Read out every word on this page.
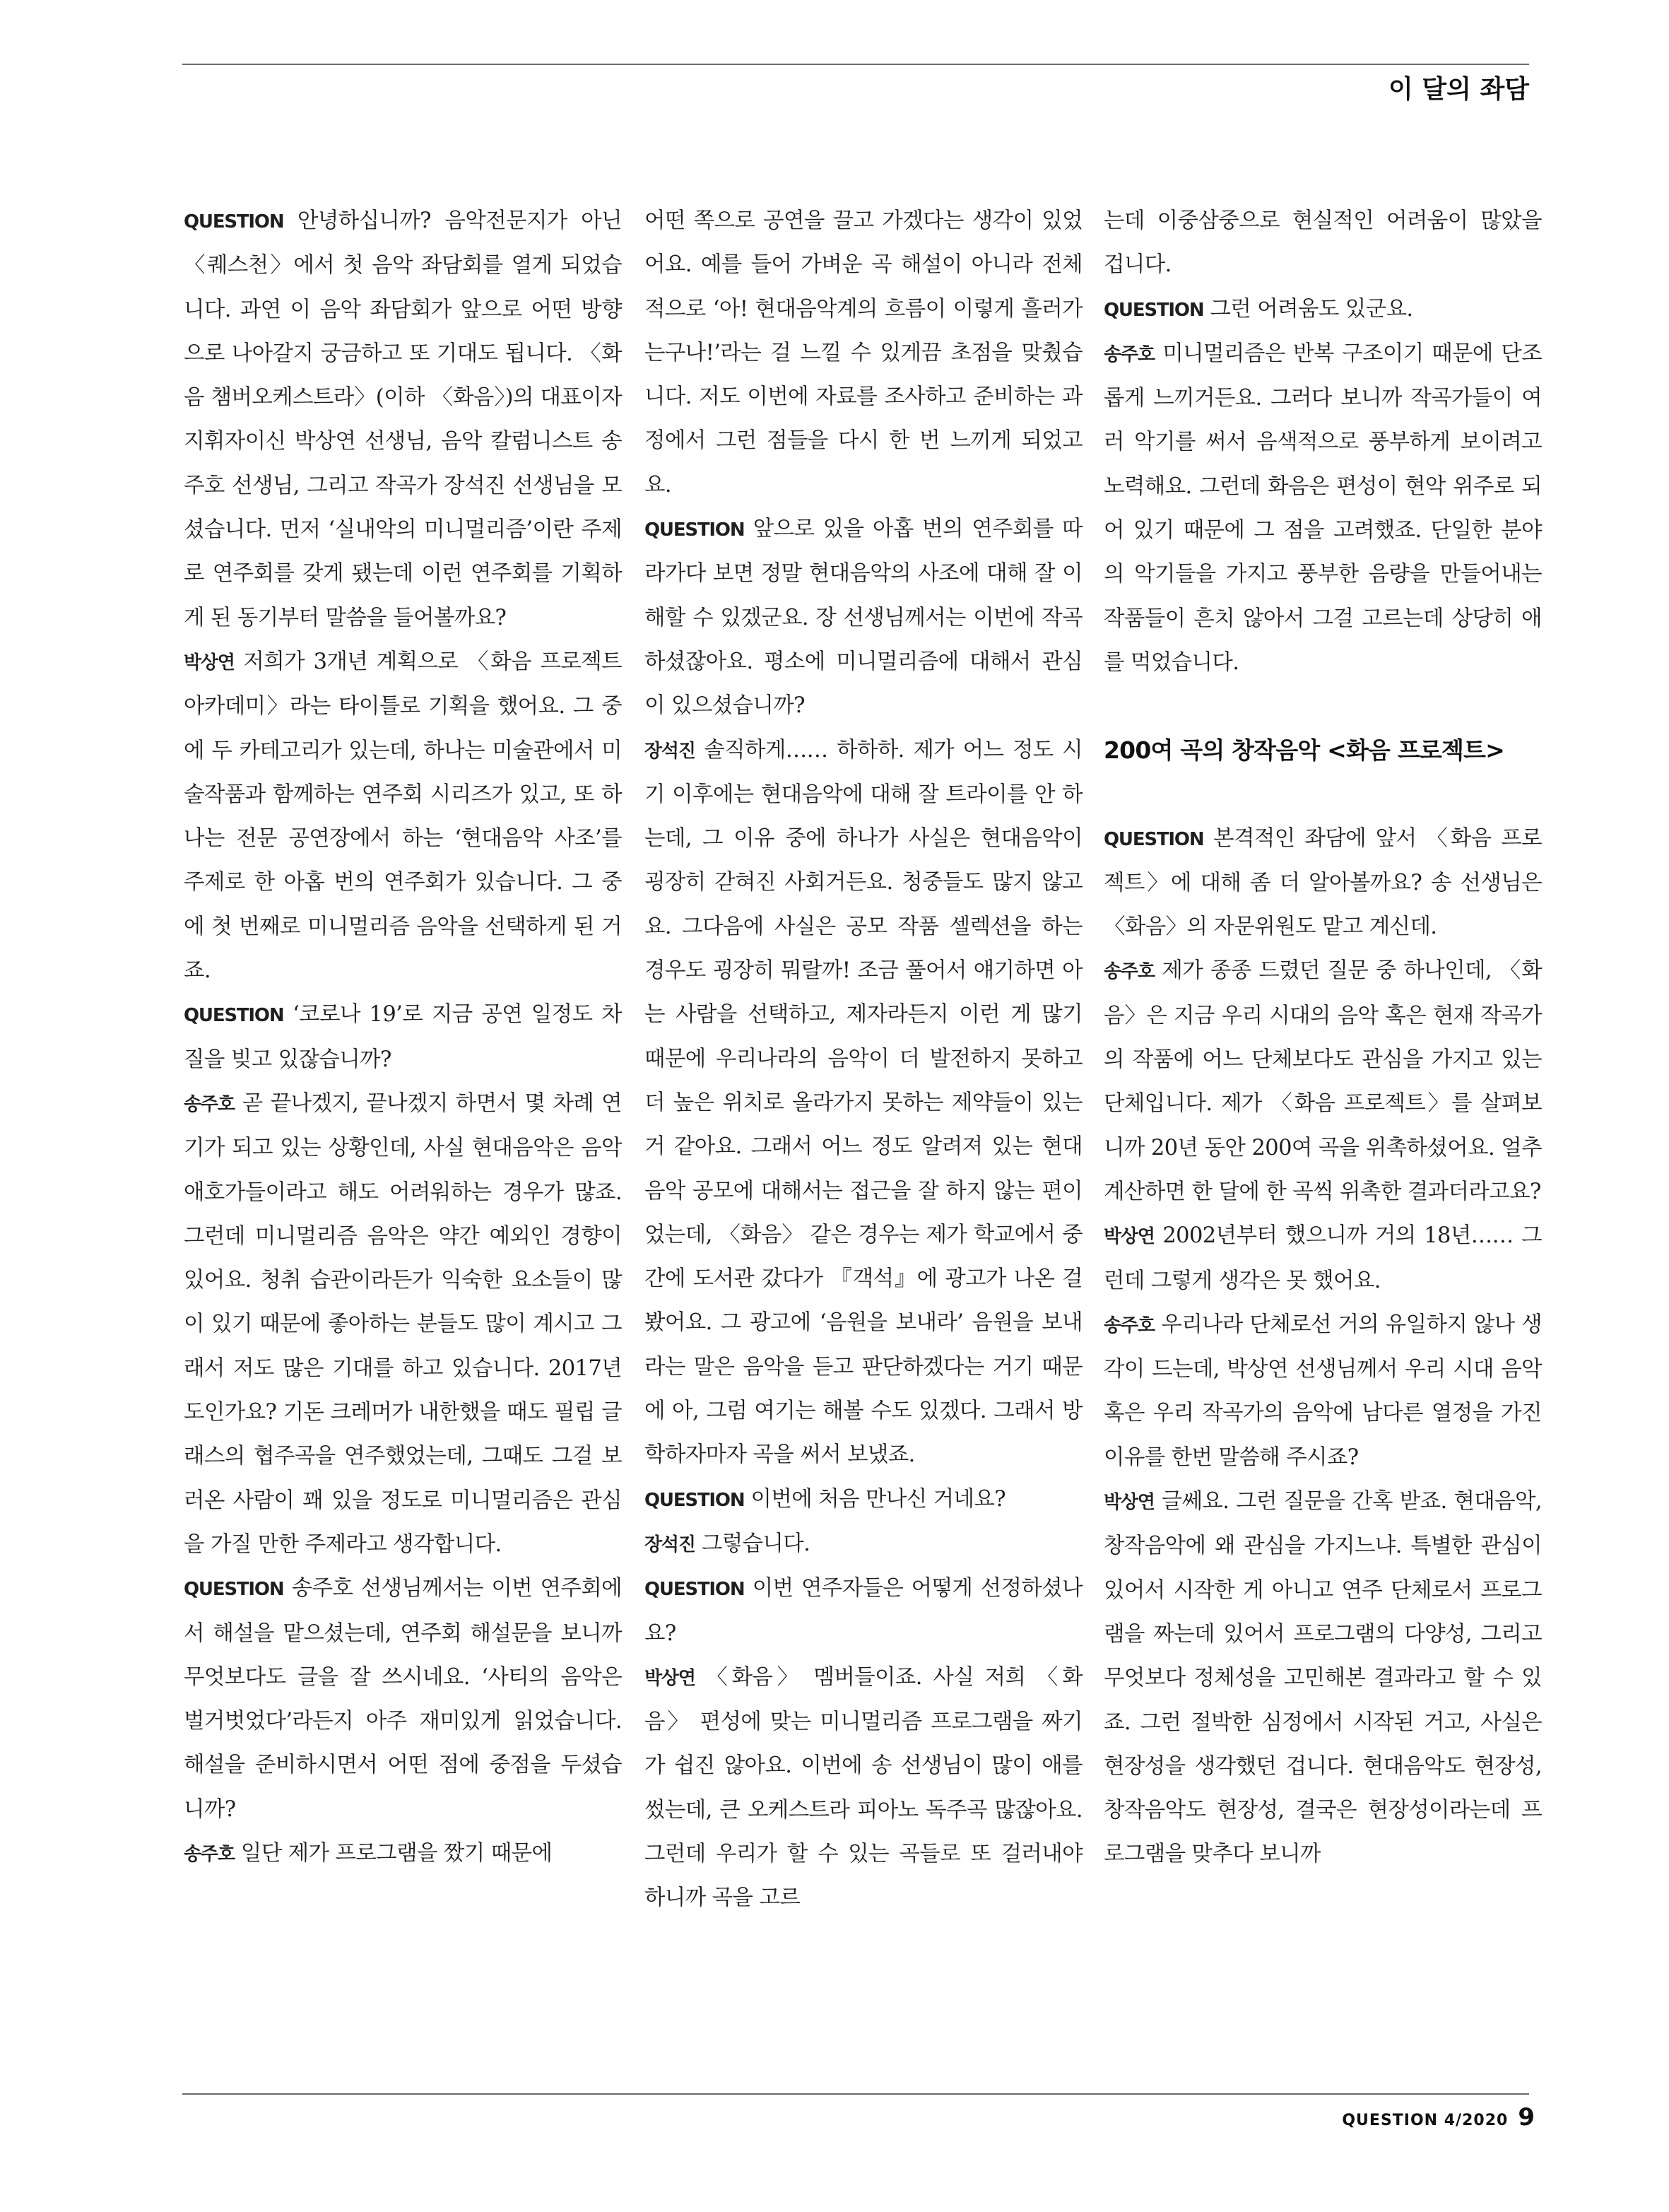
이 달의 좌담

QUESTION 안녕하십니까? 음악전문지가 아닌 〈퀘스천〉에서 첫 음악 좌담회를 열게 되었습니다. 과연 이 음악 좌담회가 앞으로 어떤 방향으로 나아갈지 궁금하고 또 기대도 됩니다. 〈화음 챔버오케스트라〉(이하 〈화음〉)의 대표이자 지휘자이신 박상연 선생님, 음악 칼럼니스트 송주호 선생님, 그리고 작곡가 장석진 선생님을 모셨습니다. 먼저 ‘실내악의 미니멀리즘’이란 주제로 연주회를 갖게 됐는데 이런 연주회를 기획하게 된 동기부터 말씀을 들어볼까요?

박상연 저희가 3개년 계획으로 〈화음 프로젝트 아카데미〉라는 타이틀로 기획을 했어요. 그 중에 두 카테고리가 있는데, 하나는 미술관에서 미술작품과 함께하는 연주회 시리즈가 있고, 또 하나는 전문 공연장에서 하는 ‘현대음악 사조’를 주제로 한 아홉 번의 연주회가 있습니다. 그 중에 첫 번째로 미니멀리즘 음악을 선택하게 된 거죠.

QUESTION ‘코로나 19’로 지금 공연 일정도 차질을 빚고 있잖습니까?

송주호 곧 끝나겠지, 끝나겠지 하면서 몇 차례 연기가 되고 있는 상황인데, 사실 현대음악은 음악애호가들이라고 해도 어려워하는 경우가 많죠. 그런데 미니멀리즘 음악은 약간 예외인 경향이 있어요. 청취 습관이라든가 익숙한 요소들이 많이 있기 때문에 좋아하는 분들도 많이 계시고 그래서 저도 많은 기대를 하고 있습니다. 2017년도인가요? 기돈 크레머가 내한했을 때도 필립 글래스의 협주곡을 연주했었는데, 그때도 그걸 보러온 사람이 꽤 있을 정도로 미니멀리즘은 관심을 가질 만한 주제라고 생각합니다.

QUESTION 송주호 선생님께서는 이번 연주회에서 해설을 맡으셨는데, 연주회 해설문을 보니까 무엇보다도 글을 잘 쓰시네요. ‘사티의 음악은 벌거벗었다’라든지 아주 재미있게 읽었습니다. 해설을 준비하시면서 어떤 점에 중점을 두셨습니까?

송주호 일단 제가 프로그램을 짰기 때문에

어떤 쪽으로 공연을 끌고 가겠다는 생각이 있었어요. 예를 들어 가벼운 곡 해설이 아니라 전체적으로 ‘아! 현대음악계의 흐름이 이렇게 흘러가는구나!’라는 걸 느낄 수 있게끔 초점을 맞췄습니다. 저도 이번에 자료를 조사하고 준비하는 과정에서 그런 점들을 다시 한 번 느끼게 되었고요.

QUESTION 앞으로 있을 아홉 번의 연주회를 따라가다 보면 정말 현대음악의 사조에 대해 잘 이해할 수 있겠군요. 장 선생님께서는 이번에 작곡하셨잖아요. 평소에 미니멀리즘에 대해서 관심이 있으셨습니까?

장석진 솔직하게…… 하하하. 제가 어느 정도 시기 이후에는 현대음악에 대해 잘 트라이를 안 하는데, 그 이유 중에 하나가 사실은 현대음악이 굉장히 갇혀진 사회거든요. 청중들도 많지 않고요. 그다음에 사실은 공모 작품 셀렉션을 하는 경우도 굉장히 뭐랄까! 조금 풀어서 얘기하면 아는 사람을 선택하고, 제자라든지 이런 게 많기 때문에 우리나라의 음악이 더 발전하지 못하고 더 높은 위치로 올라가지 못하는 제약들이 있는 거 같아요. 그래서 어느 정도 알려져 있는 현대음악 공모에 대해서는 접근을 잘 하지 않는 편이었는데, 〈화음〉 같은 경우는 제가 학교에서 중간에 도서관 갔다가 『객석』에 광고가 나온 걸 봤어요. 그 광고에 ‘음원을 보내라’ 음원을 보내라는 말은 음악을 듣고 판단하겠다는 거기 때문에 아, 그럼 여기는 해볼 수도 있겠다. 그래서 방학하자마자 곡을 써서 보냈죠.

QUESTION 이번에 처음 만나신 거네요?

장석진 그렇습니다.

QUESTION 이번 연주자들은 어떻게 선정하셨나요?

박상연 〈화음〉 멤버들이죠. 사실 저희 〈화음〉 편성에 맞는 미니멀리즘 프로그램을 짜기가 쉽진 않아요. 이번에 송 선생님이 많이 애를 썼는데, 큰 오케스트라 피아노 독주곡 많잖아요. 그런데 우리가 할 수 있는 곡들로 또 걸러내야 하니까 곡을 고르

는데 이중삼중으로 현실적인 어려움이 많았을 겁니다.

QUESTION 그런 어려움도 있군요.

송주호 미니멀리즘은 반복 구조이기 때문에 단조롭게 느끼거든요. 그러다 보니까 작곡가들이 여러 악기를 써서 음색적으로 풍부하게 보이려고 노력해요. 그런데 화음은 편성이 현악 위주로 되어 있기 때문에 그 점을 고려했죠. 단일한 분야의 악기들을 가지고 풍부한 음량을 만들어내는 작품들이 흔치 않아서 그걸 고르는데 상당히 애를 먹었습니다.

200여 곡의 창작음악 <화음 프로젝트>

QUESTION 본격적인 좌담에 앞서 〈화음 프로젝트〉에 대해 좀 더 알아볼까요? 송 선생님은 〈화음〉의 자문위원도 맡고 계신데.

송주호 제가 종종 드렸던 질문 중 하나인데, 〈화음〉은 지금 우리 시대의 음악 혹은 현재 작곡가의 작품에 어느 단체보다도 관심을 가지고 있는 단체입니다. 제가 〈화음 프로젝트〉를 살펴보니까 20년 동안 200여 곡을 위촉하셨어요. 얼추 계산하면 한 달에 한 곡씩 위촉한 결과더라고요?

박상연 2002년부터 했으니까 거의 18년…… 그런데 그렇게 생각은 못 했어요.

송주호 우리나라 단체로선 거의 유일하지 않나 생각이 드는데, 박상연 선생님께서 우리 시대 음악 혹은 우리 작곡가의 음악에 남다른 열정을 가진 이유를 한번 말씀해 주시죠?

박상연 글쎄요. 그런 질문을 간혹 받죠. 현대음악, 창작음악에 왜 관심을 가지느냐. 특별한 관심이 있어서 시작한 게 아니고 연주 단체로서 프로그램을 짜는데 있어서 프로그램의 다양성, 그리고 무엇보다 정체성을 고민해본 결과라고 할 수 있죠. 그런 절박한 심정에서 시작된 거고, 사실은 현장성을 생각했던 겁니다. 현대음악도 현장성, 창작음악도 현장성, 결국은 현장성이라는데 프로그램을 맞추다 보니까

QUESTION 4/2020 9
